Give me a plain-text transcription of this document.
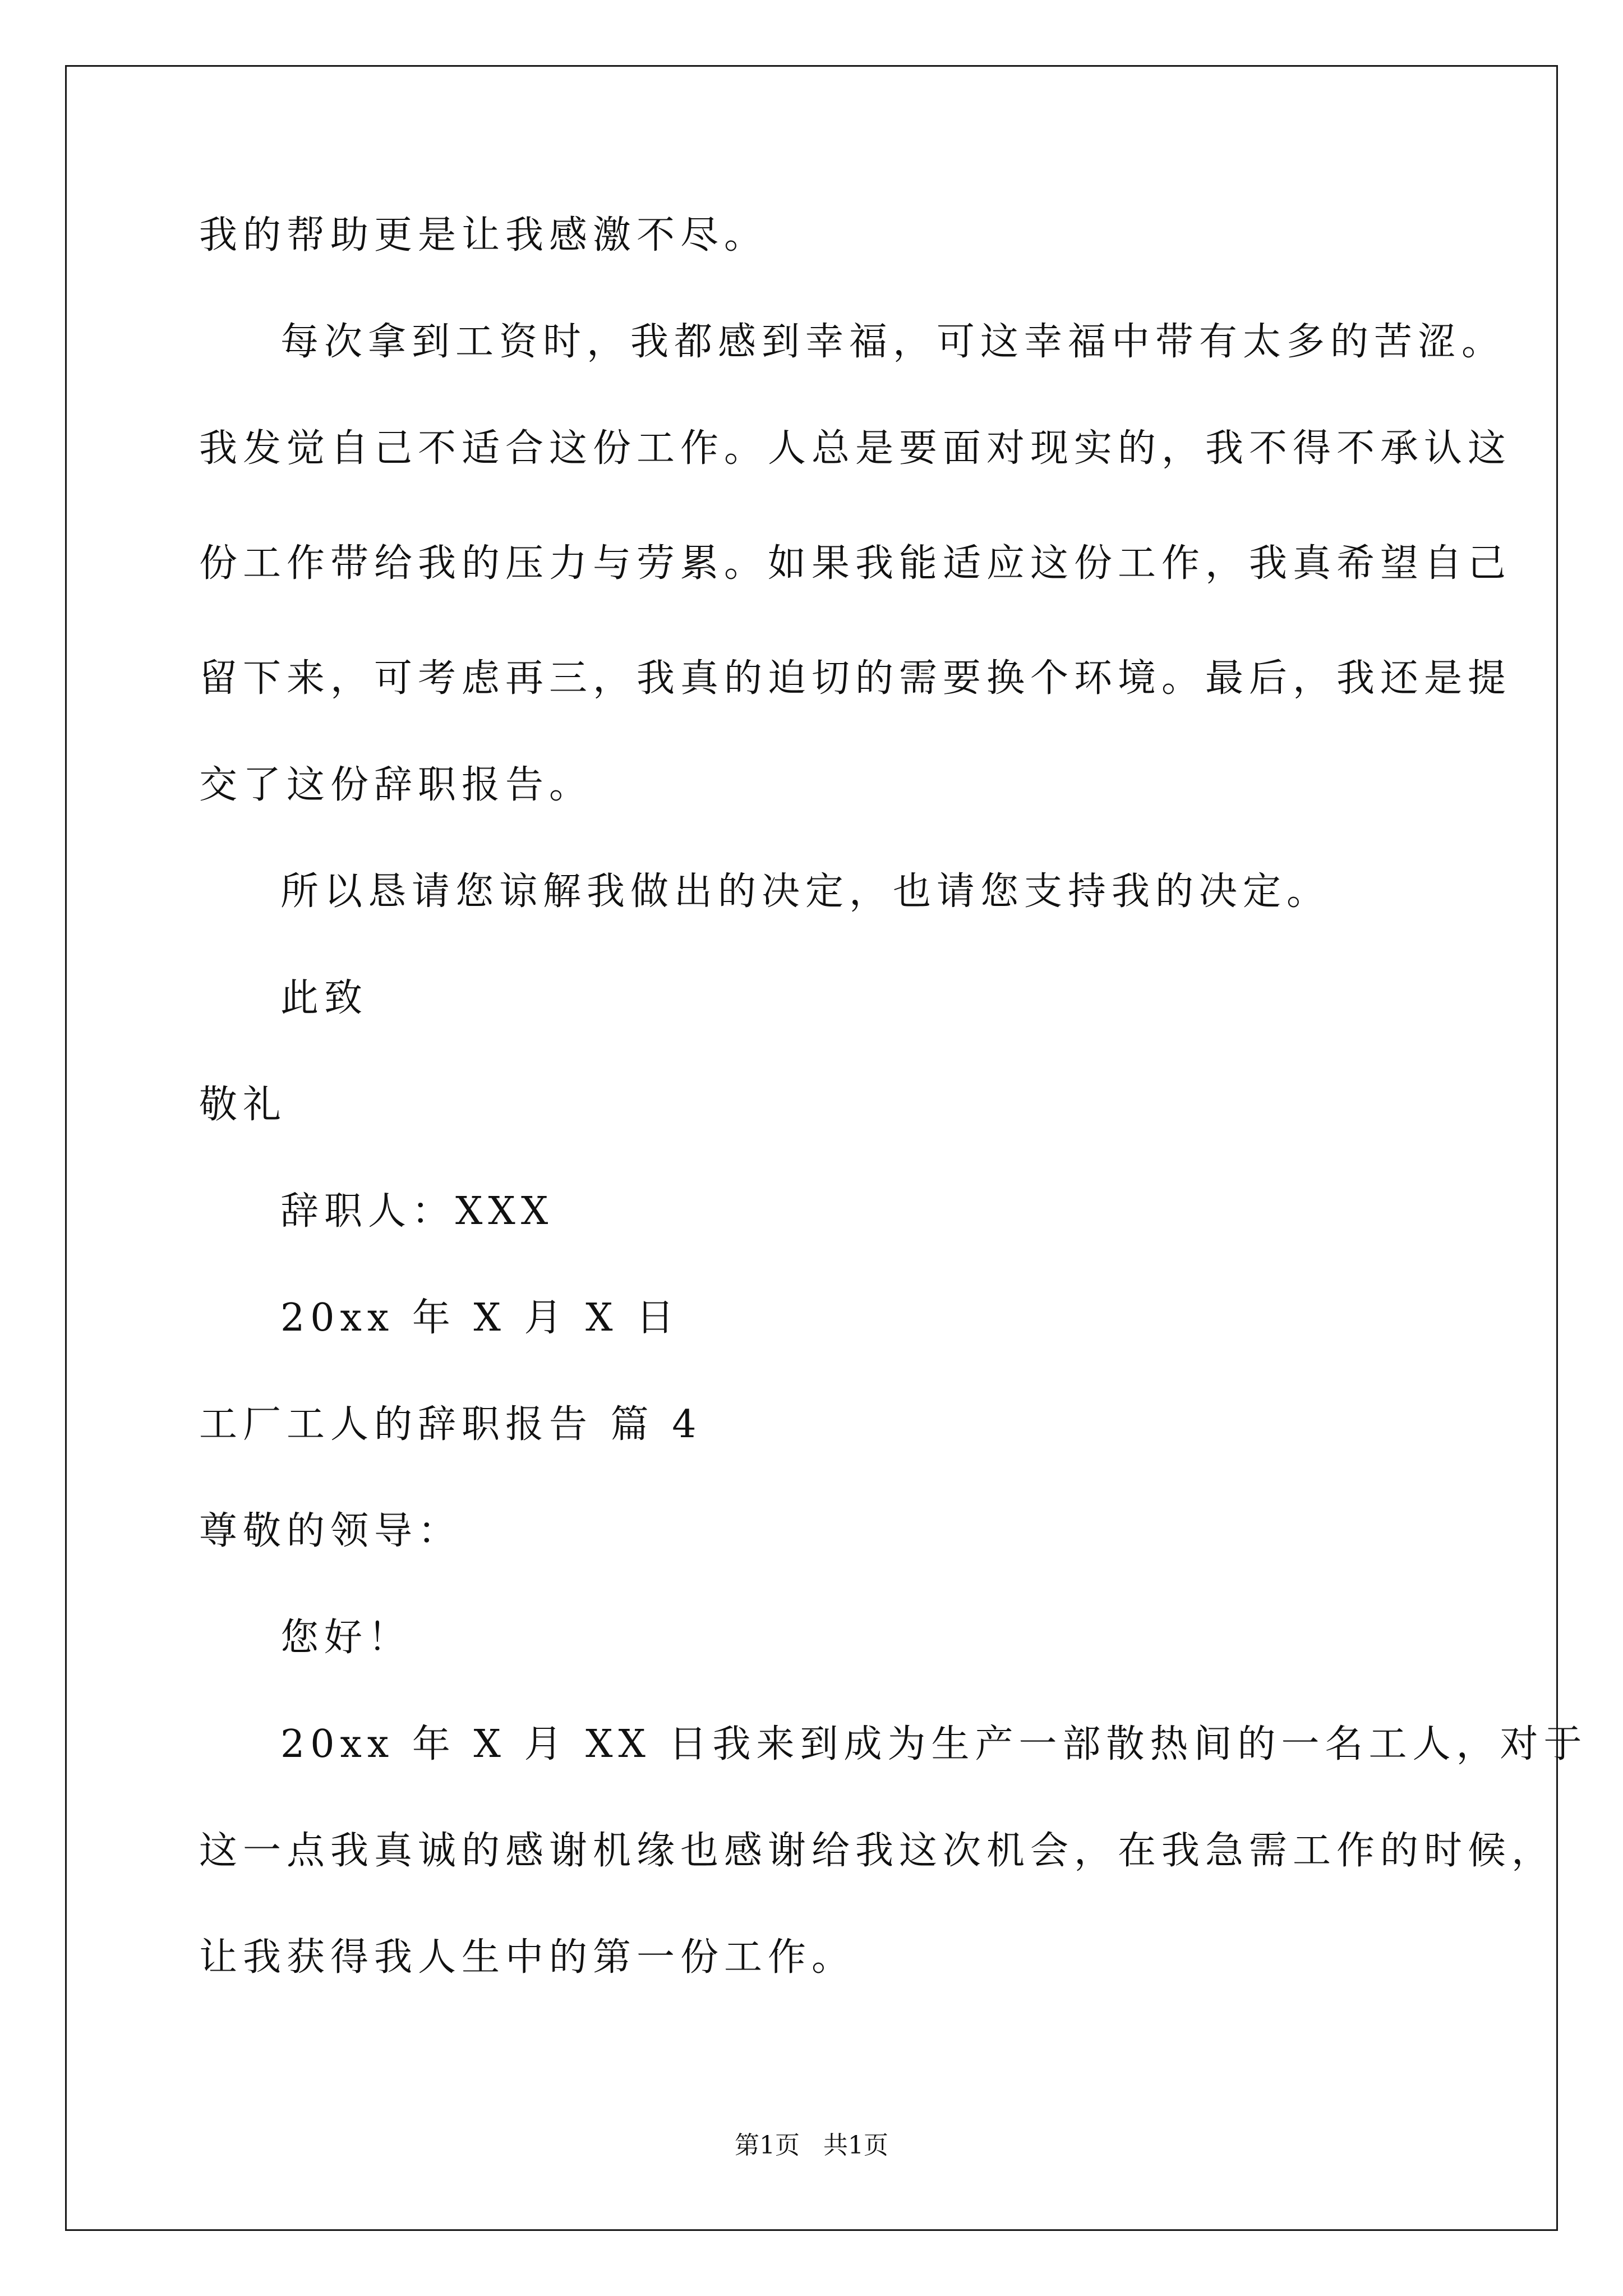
我的帮助更是让我感激不尽。
每次拿到工资时，我都感到幸福，可这幸福中带有太多的苦涩。
我发觉自己不适合这份工作。人总是要面对现实的，我不得不承认这
份工作带给我的压力与劳累。如果我能适应这份工作，我真希望自己
留下来，可考虑再三，我真的迫切的需要换个环境。最后，我还是提
交了这份辞职报告。
所以恳请您谅解我做出的决定，也请您支持我的决定。
此致
敬礼
辞职人：XXX
20xx 年 X 月 X 日
工厂工人的辞职报告 篇 4
尊敬的领导：
您好！
20xx 年 X 月 XX 日我来到成为生产一部散热间的一名工人，对于
这一点我真诚的感谢机缘也感谢给我这次机会，在我急需工作的时候，
让我获得我人生中的第一份工作。
第1页   共1页
